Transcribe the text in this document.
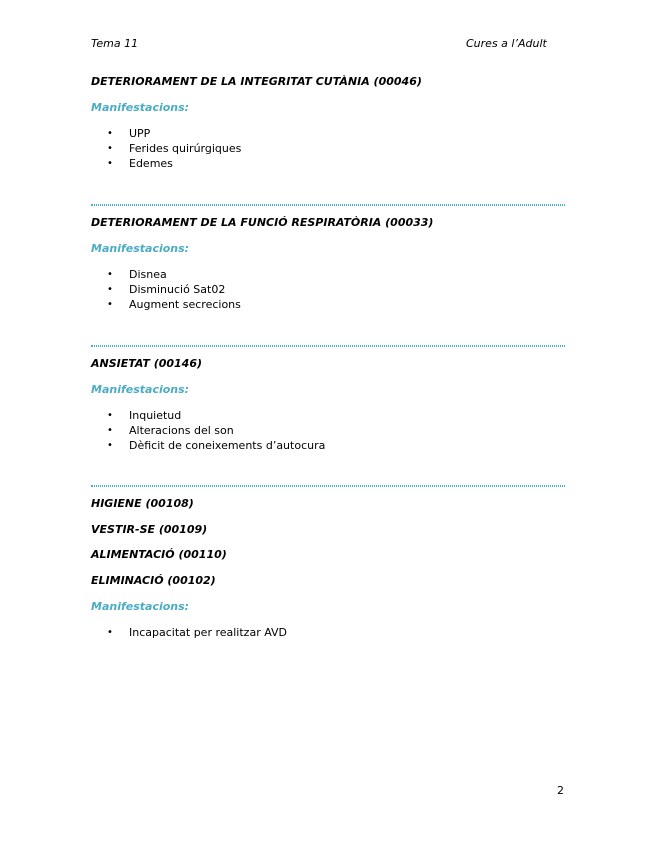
Tema 11	Cures a l’Adult
DETERIORAMENT DE LA INTEGRITAT CUTÀNIA (00046)
Manifestacions:
• UPP
• Ferides quirúrgiques
• Edemes
DETERIORAMENT DE LA FUNCIÓ RESPIRATÒRIA (00033)
Manifestacions:
• Disnea
• Disminució Sat02
• Augment secrecions
ANSIETAT (00146)
Manifestacions:
• Inquietud
• Alteracions del son
• Dèficit de coneixements d’autocura
HIGIENE (00108)
VESTIR-SE (00109)
ALIMENTACIÓ (00110)
ELIMINACIÓ (00102)
Manifestacions:
• Incapacitat per realitzar AVD
2
